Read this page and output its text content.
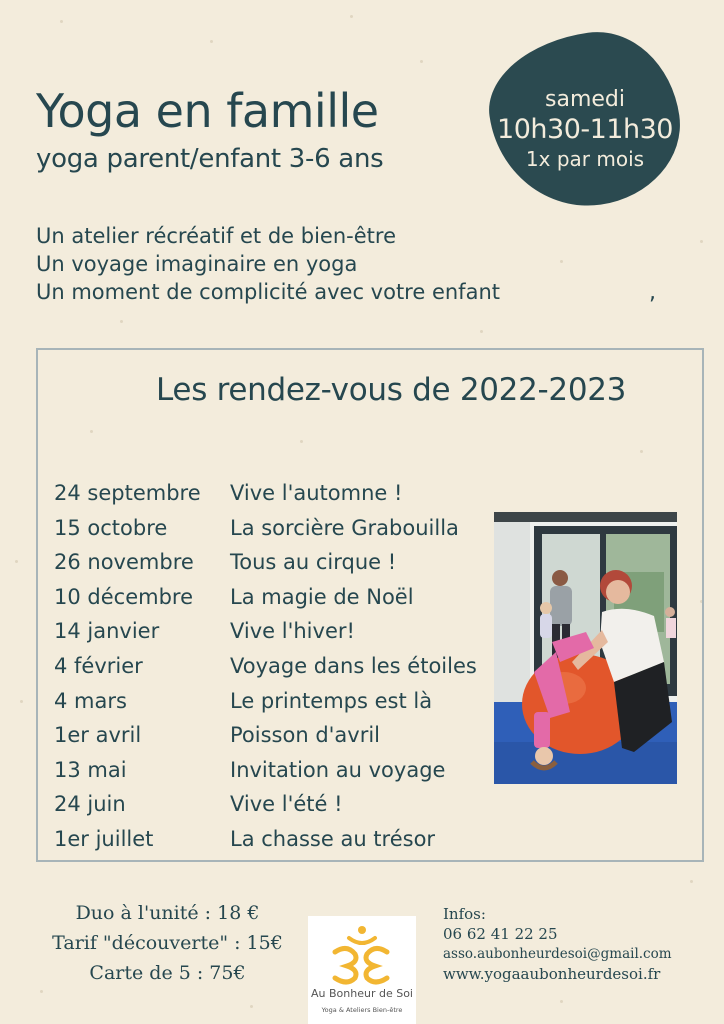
Yoga en famille
yoga parent/enfant 3-6 ans
samedi
10h30-11h30
1x par mois
Un atelier récréatif et de bien-être
Un voyage imaginaire en yoga
Un moment de complicité avec votre enfant	,
Les rendez-vous de 2022-2023
24 septembre Vive l'automne !
15 octobre	La sorcière Grabouilla
26 novembre Tous au cirque !
10 décembre La magie de Noël
14 janvier	Vive l'hiver!
4 février	Voyage dans les étoiles
4 mars	Le printemps est là
1er avril	Poisson d'avril
13 mai	Invitation au voyage
24 juin	Vive l'été !
1er juillet	La chasse au trésor
Duo à l'unité : 18 €
Tarif "découverte" : 15€
Carte de 5 : 75€
Au Bonheur de Soi
Yoga & Ateliers Bien-être
Infos:
06 62 41 22 25
asso.aubonheurdesoi@gmail.com
www.yogaaubonheurdesoi.fr
